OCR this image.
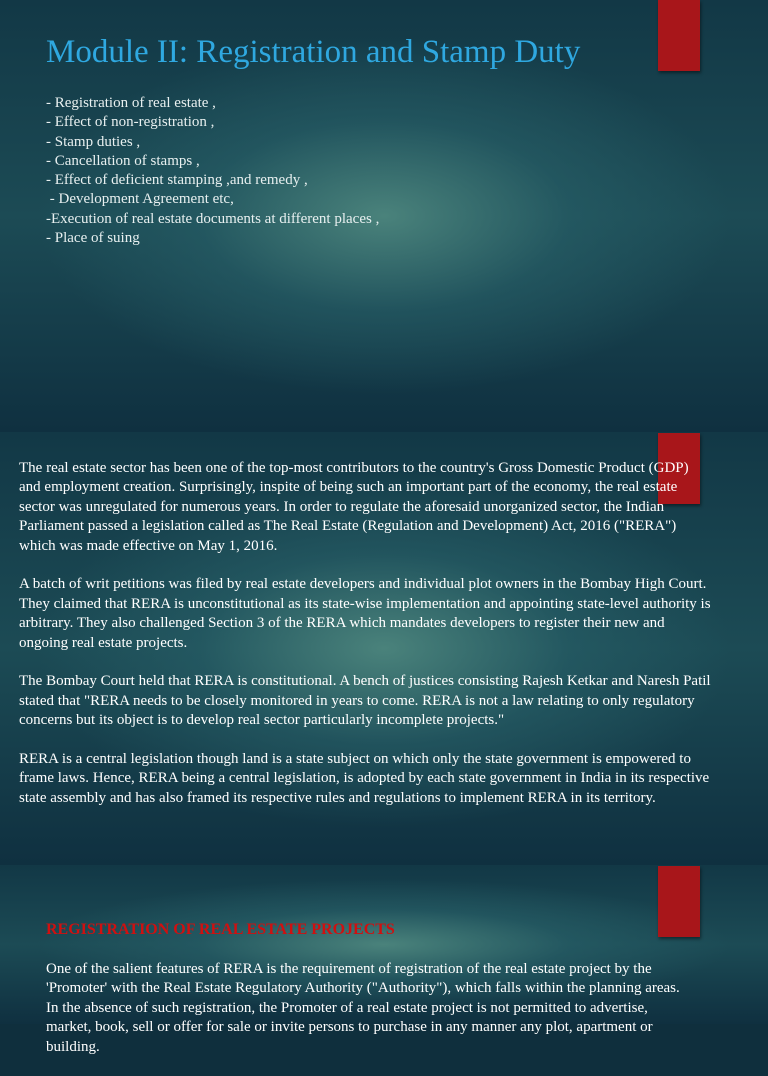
Module II: Registration and Stamp Duty
- Registration of real estate ,
- Effect of non-registration ,
- Stamp duties ,
- Cancellation of stamps ,
- Effect of deficient stamping ,and remedy ,
- Development Agreement etc,
-Execution of real estate documents at different places ,
- Place of suing

The real estate sector has been one of the top-most contributors to the country's Gross Domestic Product (GDP) and employment creation. Surprisingly, inspite of being such an important part of the economy, the real estate sector was unregulated for numerous years. In order to regulate the aforesaid unorganized sector, the Indian Parliament passed a legislation called as The Real Estate (Regulation and Development) Act, 2016 ("RERA") which was made effective on May 1, 2016.

A batch of writ petitions was filed by real estate developers and individual plot owners in the Bombay High Court. They claimed that RERA is unconstitutional as its state-wise implementation and appointing state-level authority is arbitrary. They also challenged Section 3 of the RERA which mandates developers to register their new and ongoing real estate projects.

The Bombay Court held that RERA is constitutional. A bench of justices consisting Rajesh Ketkar and Naresh Patil stated that "RERA needs to be closely monitored in years to come. RERA is not a law relating to only regulatory concerns but its object is to develop real sector particularly incomplete projects."

RERA is a central legislation though land is a state subject on which only the state government is empowered to frame laws. Hence, RERA being a central legislation, is adopted by each state government in India in its respective state assembly and has also framed its respective rules and regulations to implement RERA in its territory.

REGISTRATION OF REAL ESTATE PROJECTS

One of the salient features of RERA is the requirement of registration of the real estate project by the 'Promoter' with the Real Estate Regulatory Authority ("Authority"), which falls within the planning areas. In the absence of such registration, the Promoter of a real estate project is not permitted to advertise, market, book, sell or offer for sale or invite persons to purchase in any manner any plot, apartment or building.
